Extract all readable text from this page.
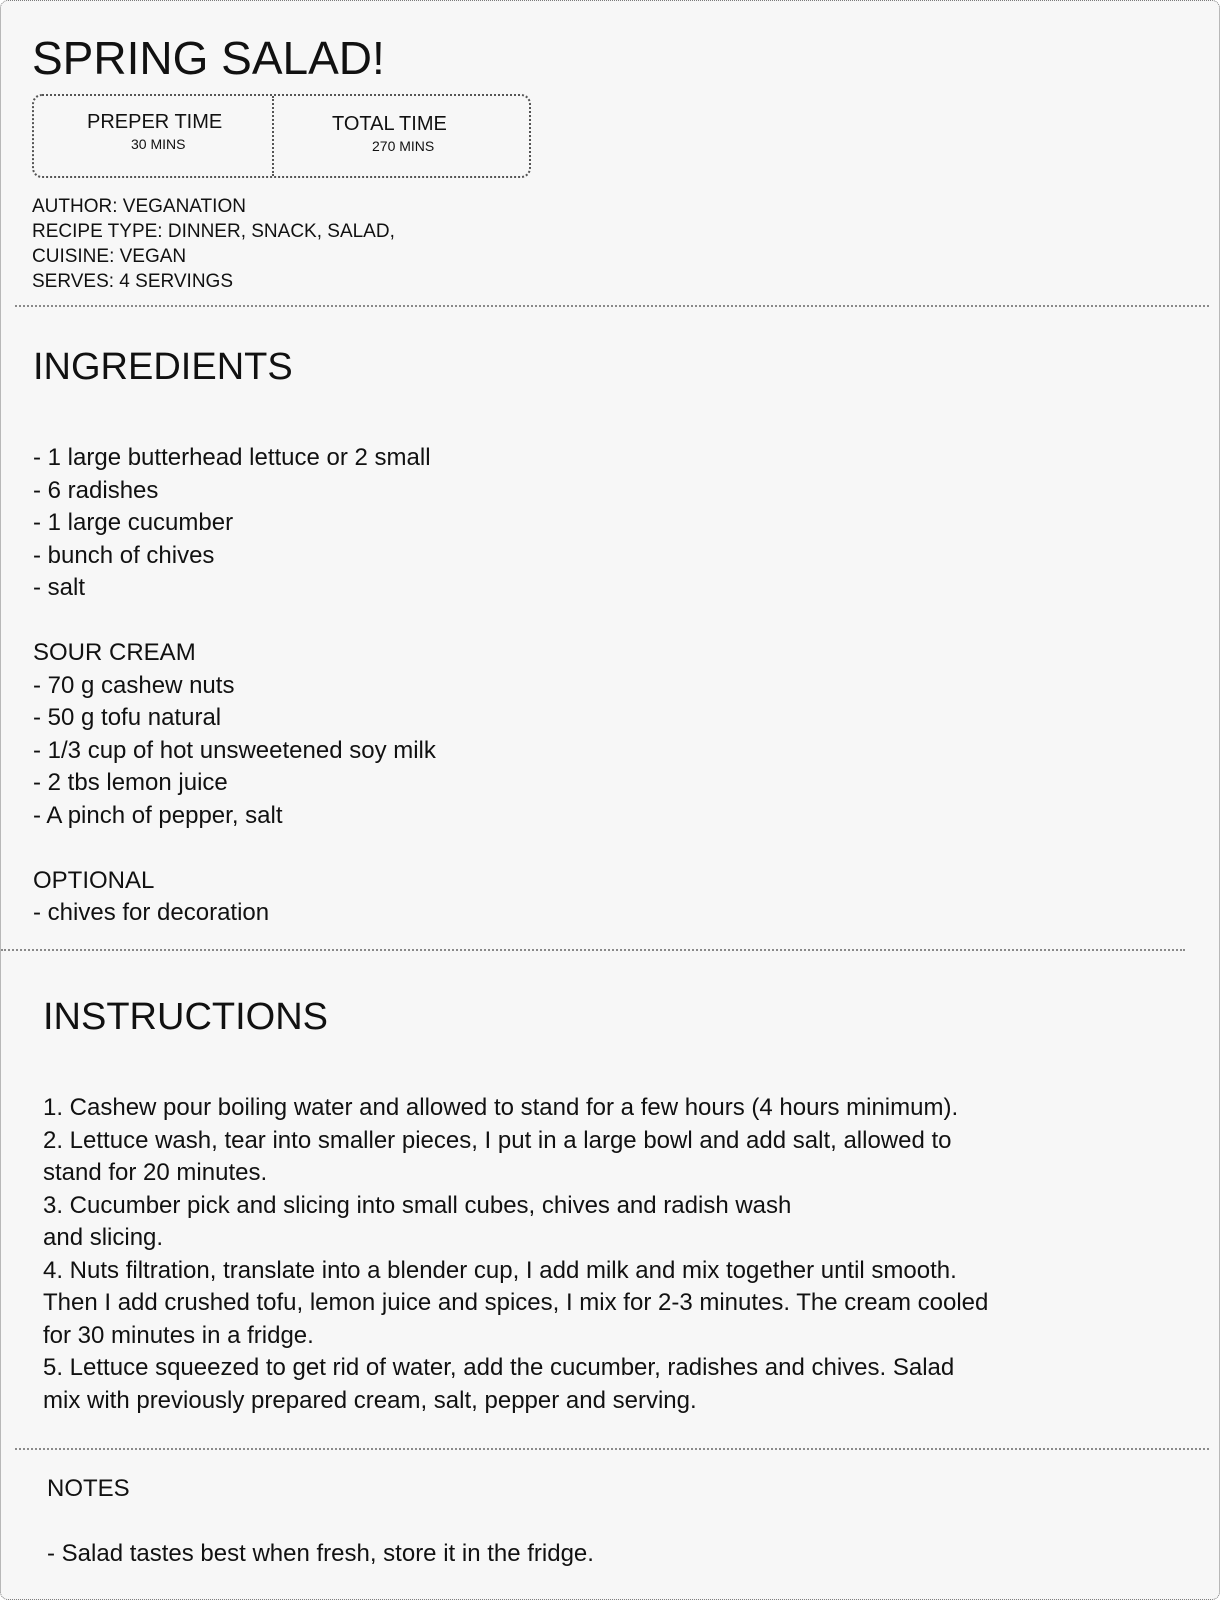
SPRING SALAD!
PREPER TIME
30 MINS
TOTAL TIME
270 MINS
AUTHOR: VEGANATION
RECIPE TYPE: DINNER, SNACK, SALAD,
CUISINE: VEGAN
SERVES: 4 SERVINGS
INGREDIENTS
- 1 large butterhead lettuce or 2 small
- 6 radishes
- 1 large cucumber
- bunch of chives
- salt
SOUR CREAM
- 70 g cashew nuts
- 50 g tofu natural
- 1/3 cup of hot unsweetened soy milk
- 2 tbs lemon juice
- A pinch of pepper, salt
OPTIONAL
- chives for decoration
INSTRUCTIONS
1. Cashew pour boiling water and allowed to stand for a few hours (4 hours minimum).
2. Lettuce wash, tear into smaller pieces, I put in a large bowl and add salt, allowed to
stand for 20 minutes.
3. Cucumber pick and slicing into small cubes, chives and radish wash
and slicing.
4. Nuts filtration, translate into a blender cup, I add milk and mix together until smooth.
Then I add crushed tofu, lemon juice and spices, I mix for 2-3 minutes. The cream cooled
for 30 minutes in a fridge.
5. Lettuce squeezed to get rid of water, add the cucumber, radishes and chives. Salad
mix with previously prepared cream, salt, pepper and serving.
NOTES
- Salad tastes best when fresh, store it in the fridge.
